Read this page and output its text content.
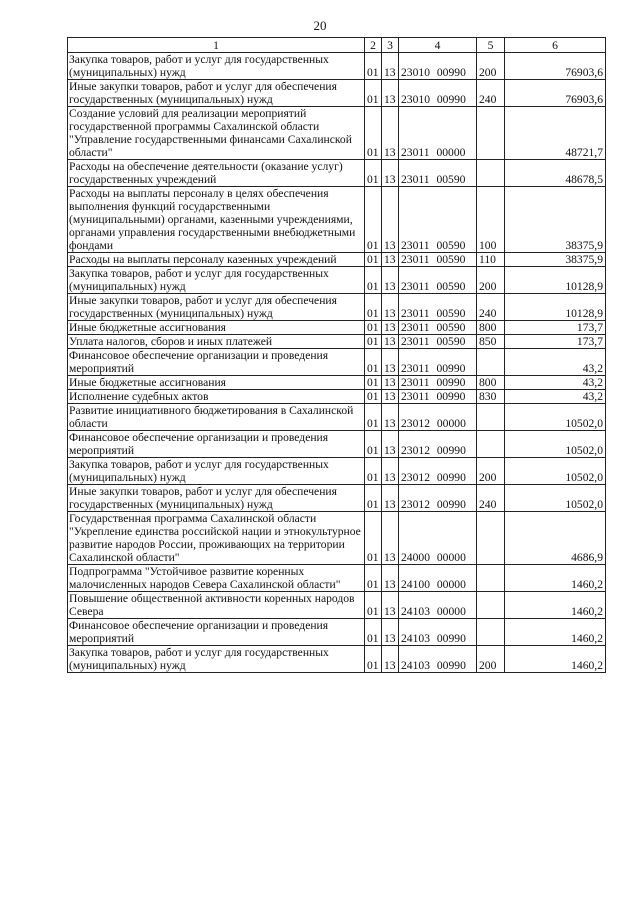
20
1	2	3	4	5	6
Закупка товаров, работ и услуг для государственных (муниципальных) нужд	01	13	23010 00990	200	76903,6
Иные закупки товаров, работ и услуг для обеспечения государственных (муниципальных) нужд	01	13	23010 00990	240	76903,6
Создание условий для реализации мероприятий государственной программы Сахалинской области "Управление государственными финансами Сахалинской области"	01	13	23011 00000		48721,7
Расходы на обеспечение деятельности (оказание услуг) государственных учреждений	01	13	23011 00590		48678,5
Расходы на выплаты персоналу в целях обеспечения выполнения функций государственными (муниципальными) органами, казенными учреждениями, органами управления государственными внебюджетными фондами	01	13	23011 00590	100	38375,9
Расходы на выплаты персоналу казенных учреждений	01	13	23011 00590	110	38375,9
Закупка товаров, работ и услуг для государственных (муниципальных) нужд	01	13	23011 00590	200	10128,9
Иные закупки товаров, работ и услуг для обеспечения государственных (муниципальных) нужд	01	13	23011 00590	240	10128,9
Иные бюджетные ассигнования	01	13	23011 00590	800	173,7
Уплата налогов, сборов и иных платежей	01	13	23011 00590	850	173,7
Финансовое обеспечение организации и проведения мероприятий	01	13	23011 00990		43,2
Иные бюджетные ассигнования	01	13	23011 00990	800	43,2
Исполнение судебных актов	01	13	23011 00990	830	43,2
Развитие инициативного бюджетирования в Сахалинской области	01	13	23012 00000		10502,0
Финансовое обеспечение организации и проведения мероприятий	01	13	23012 00990		10502,0
Закупка товаров, работ и услуг для государственных (муниципальных) нужд	01	13	23012 00990	200	10502,0
Иные закупки товаров, работ и услуг для обеспечения государственных (муниципальных) нужд	01	13	23012 00990	240	10502,0
Государственная программа Сахалинской области "Укрепление единства российской нации и этнокультурное развитие народов России, проживающих на территории Сахалинской области"	01	13	24000 00000		4686,9
Подпрограмма "Устойчивое развитие коренных малочисленных народов Севера Сахалинской области"	01	13	24100 00000		1460,2
Повышение общественной активности коренных народов Севера	01	13	24103 00000		1460,2
Финансовое обеспечение организации и проведения мероприятий	01	13	24103 00990		1460,2
Закупка товаров, работ и услуг для государственных (муниципальных) нужд	01	13	24103 00990	200	1460,2
